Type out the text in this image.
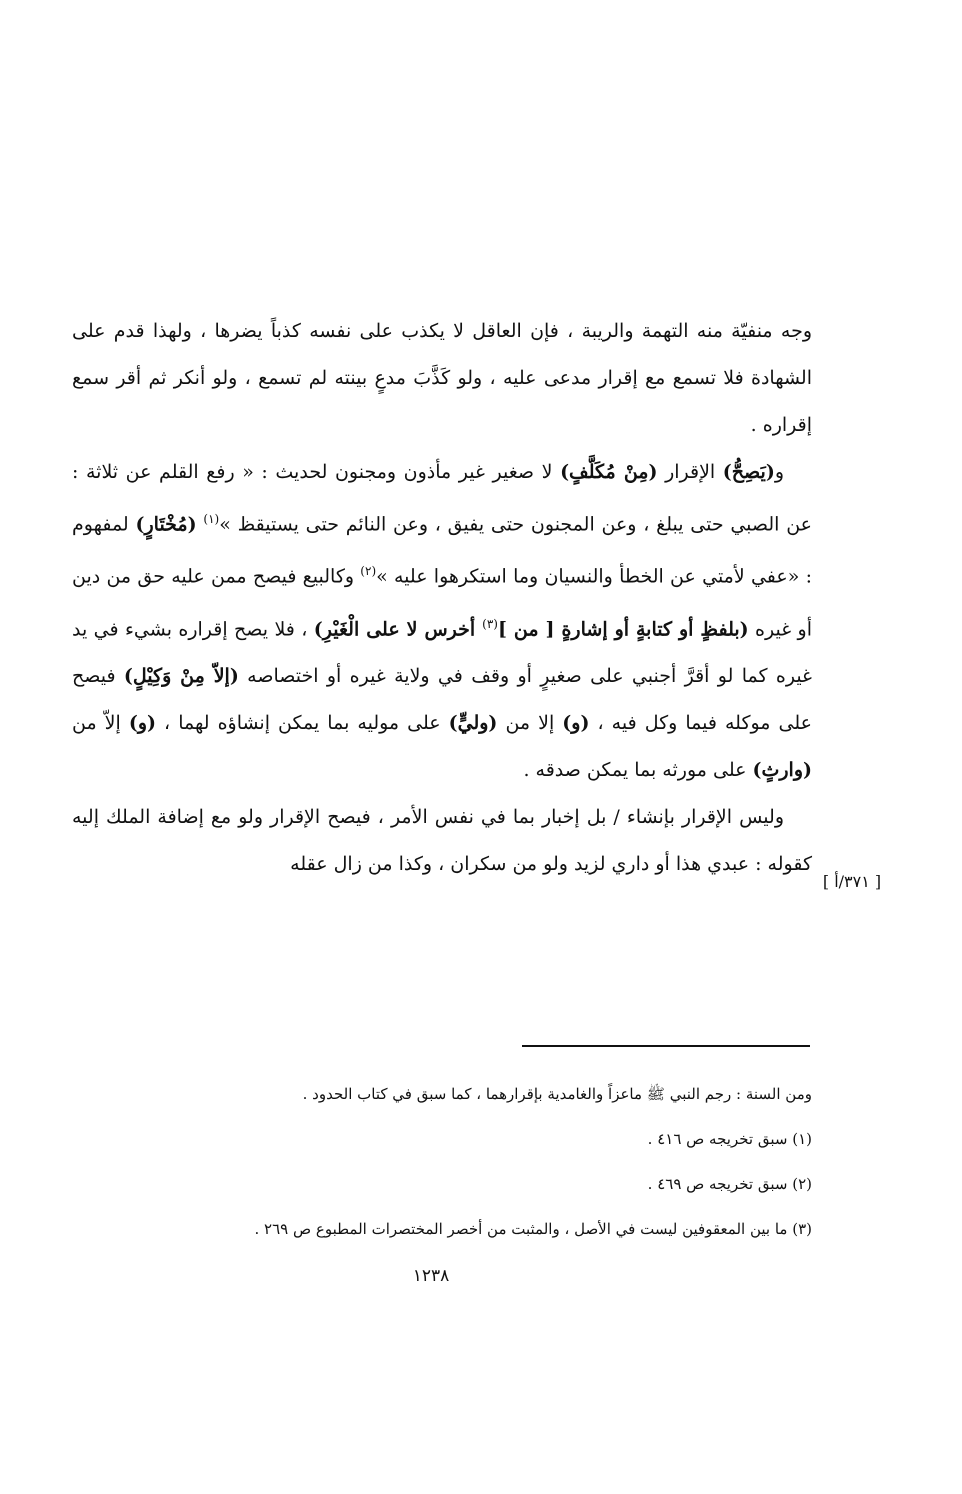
وجه منفيّة منه التهمة والريبة ، فإن العاقل لا يكذب على نفسه كذباً يضرها ، ولهذا قدم على الشهادة فلا تسمع مع إقرار مدعى عليه ، ولو كَذَّبَ مدعٍ بينته لم تسمع ، ولو أنكر ثم أقر سمع إقراره .

و(يَصِحُّ) الإقرار (مِنْ مُكَلَّفٍ) لا صغير غير مأذون ومجنون لحديث : « رفع القلم عن ثلاثة : عن الصبي حتى يبلغ ، وعن المجنون حتى يفيق ، وعن النائم حتى يستيقظ »$^{(١)}$ (مُخْتَارٍ) لمفهوم : «عفي لأمتي عن الخطأ والنسيان وما استكرهوا عليه »$^{(٢)}$ وكالبيع فيصح ممن عليه حق من دين أو غيره (بلفظٍ أو كتابةٍ أو إشارةٍ [ من ]$^{(٣)}$ أخرس لا على الْغَيْرِ) ، فلا يصح إقراره بشيء في يد غيره كما لو أقرَّ أجنبي على صغيرٍ أو وقف في ولاية غيره أو اختصاصه (إلاّ مِنْ وَكِيْلٍ) فيصح على موكله فيما وكل فيه ، (و) إلا من (وليٍّ) على موليه بما يمكن إنشاؤه لهما ، (و) إلاّ من (وارثٍ) على مورثه بما يمكن صدقه .

وليس الإقرار بإنشاء / بل إخبار بما في نفس الأمر ، فيصح الإقرار ولو مع إضافة الملك إليه كقوله : عبدي هذا أو داري لزيد ولو من سكران ، وكذا من زال عقله

[ ٣٧١/أ ]

ومن السنة : رجم النبي ﷺ ماعزاً والغامدية بإقرارهما ، كما سبق في كتاب الحدود .

(١) سبق تخريجه ص ٤١٦ .

(٢) سبق تخريجه ص ٤٦٩ .

(٣) ما بين المعقوفين ليست في الأصل ، والمثبت من أخصر المختصرات المطبوع ص ٢٦٩ .

١٢٣٨
